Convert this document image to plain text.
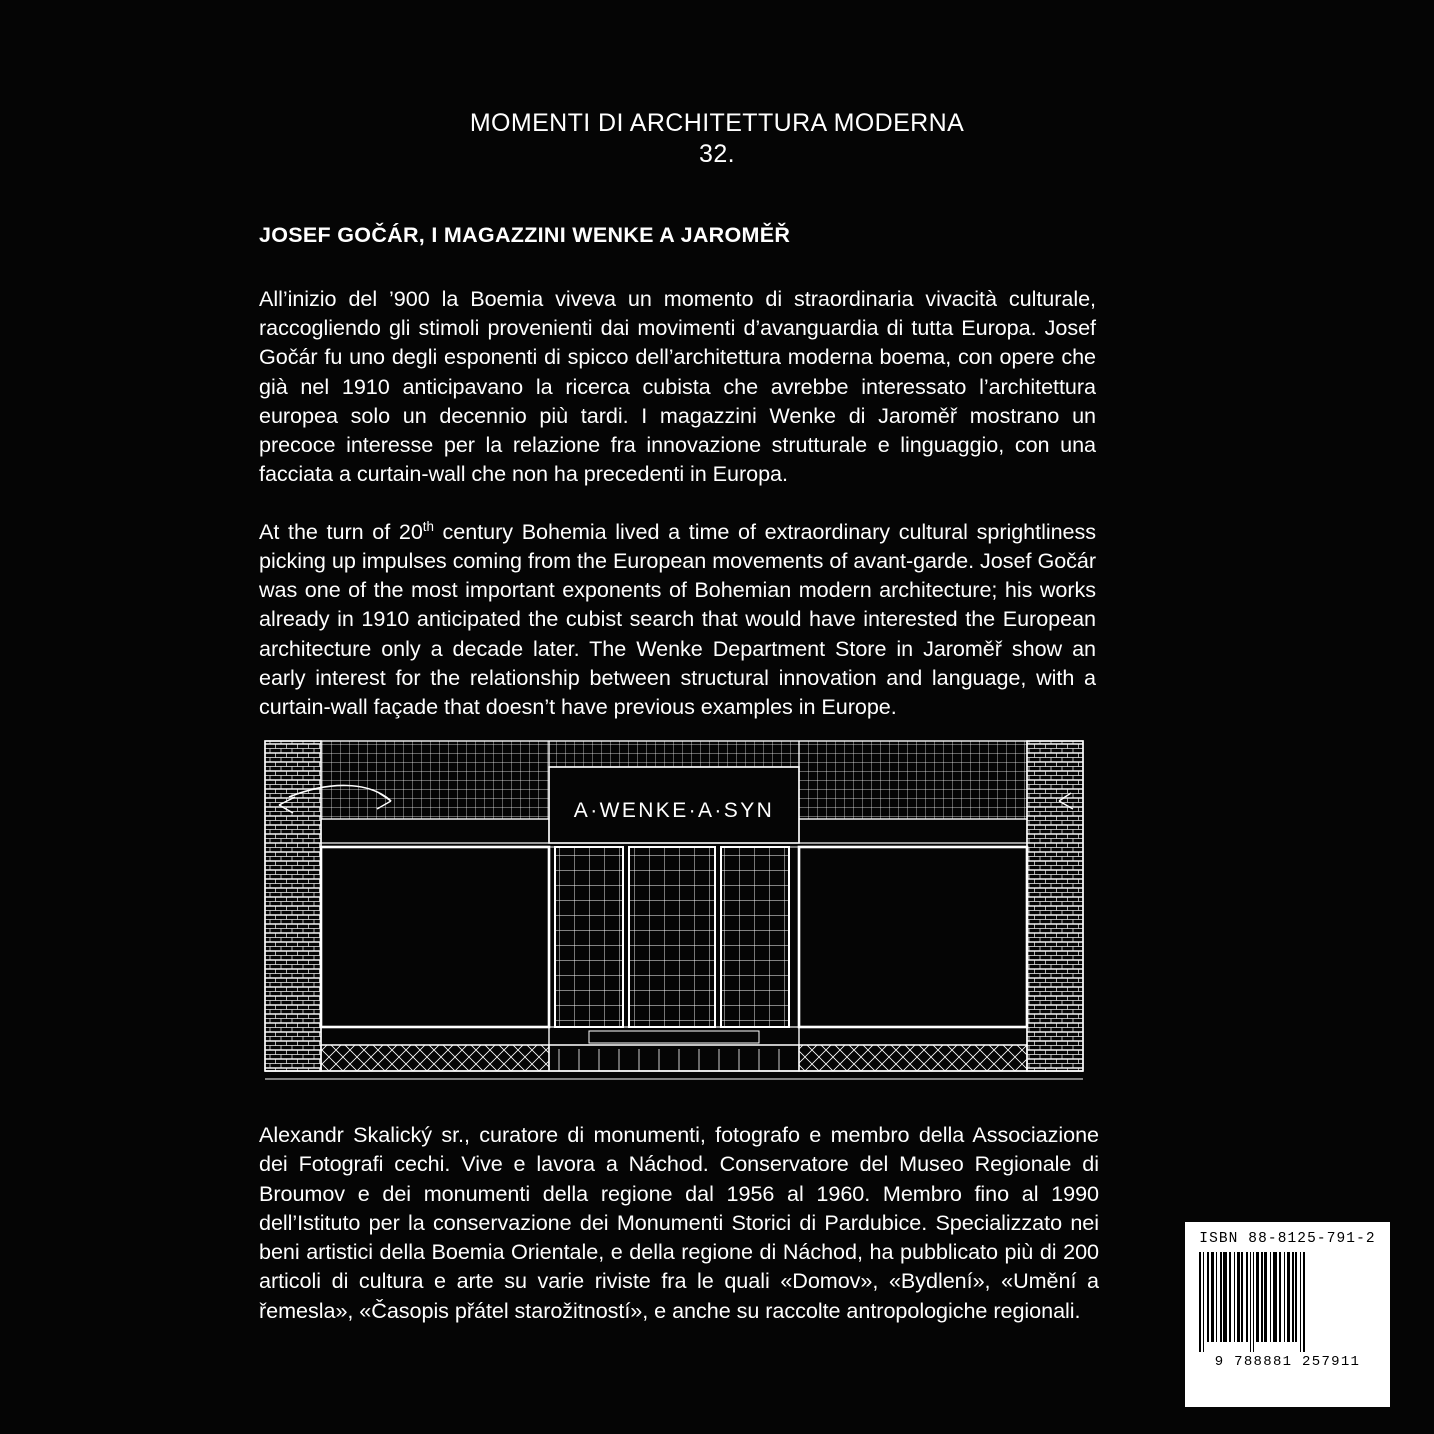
MOMENTI DI ARCHITETTURA MODERNA
32.
JOSEF GOČÁR, I MAGAZZINI WENKE A JAROMĚŘ

All’inizio del ’900 la Boemia viveva un momento di straordinaria vivacità culturale, raccogliendo gli stimoli provenienti dai movimenti d’avanguardia di tutta Europa. Josef Gočár fu uno degli esponenti di spicco dell’architettura moderna boema, con opere che già nel 1910 anticipavano la ricerca cubista che avrebbe interessato l’architettura europea solo un decennio più tardi. I magazzini Wenke di Jaroměř mostrano un precoce interesse per la relazione fra innovazione strutturale e linguaggio, con una facciata a curtain-wall che non ha precedenti in Europa.

At the turn of 20th century Bohemia lived a time of extraordinary cultural sprightliness picking up impulses coming from the European movements of avant-garde. Josef Gočár was one of the most important exponents of Bohemian modern architecture; his works already in 1910 anticipated the cubist search that would have interested the European architecture only a decade later. The Wenke Department Store in Jaroměř show an early interest for the relationship between structural innovation and language, with a curtain-wall façade that doesn’t have previous examples in Europe.

A·WENKE·A·SYN
Alexandr Skalický sr., curatore di monumenti, fotografo e membro della Associazione dei Fotografi cechi. Vive e lavora a Náchod. Conservatore del Museo Regionale di Broumov e dei monumenti della regione dal 1956 al 1960. Membro fino al 1990 dell’Istituto per la conservazione dei Monumenti Storici di Pardubice. Specializzato nei beni artistici della Boemia Orientale, e della regione di Náchod, ha pubblicato più di 200 articoli di cultura e arte su varie riviste fra le quali «Domov», «Bydlení», «Umění a řemesla», «Časopis přátel starožitností», e anche su raccolte antropologiche regionali.
ISBN 88-8125-791-2
9 788881 257911
